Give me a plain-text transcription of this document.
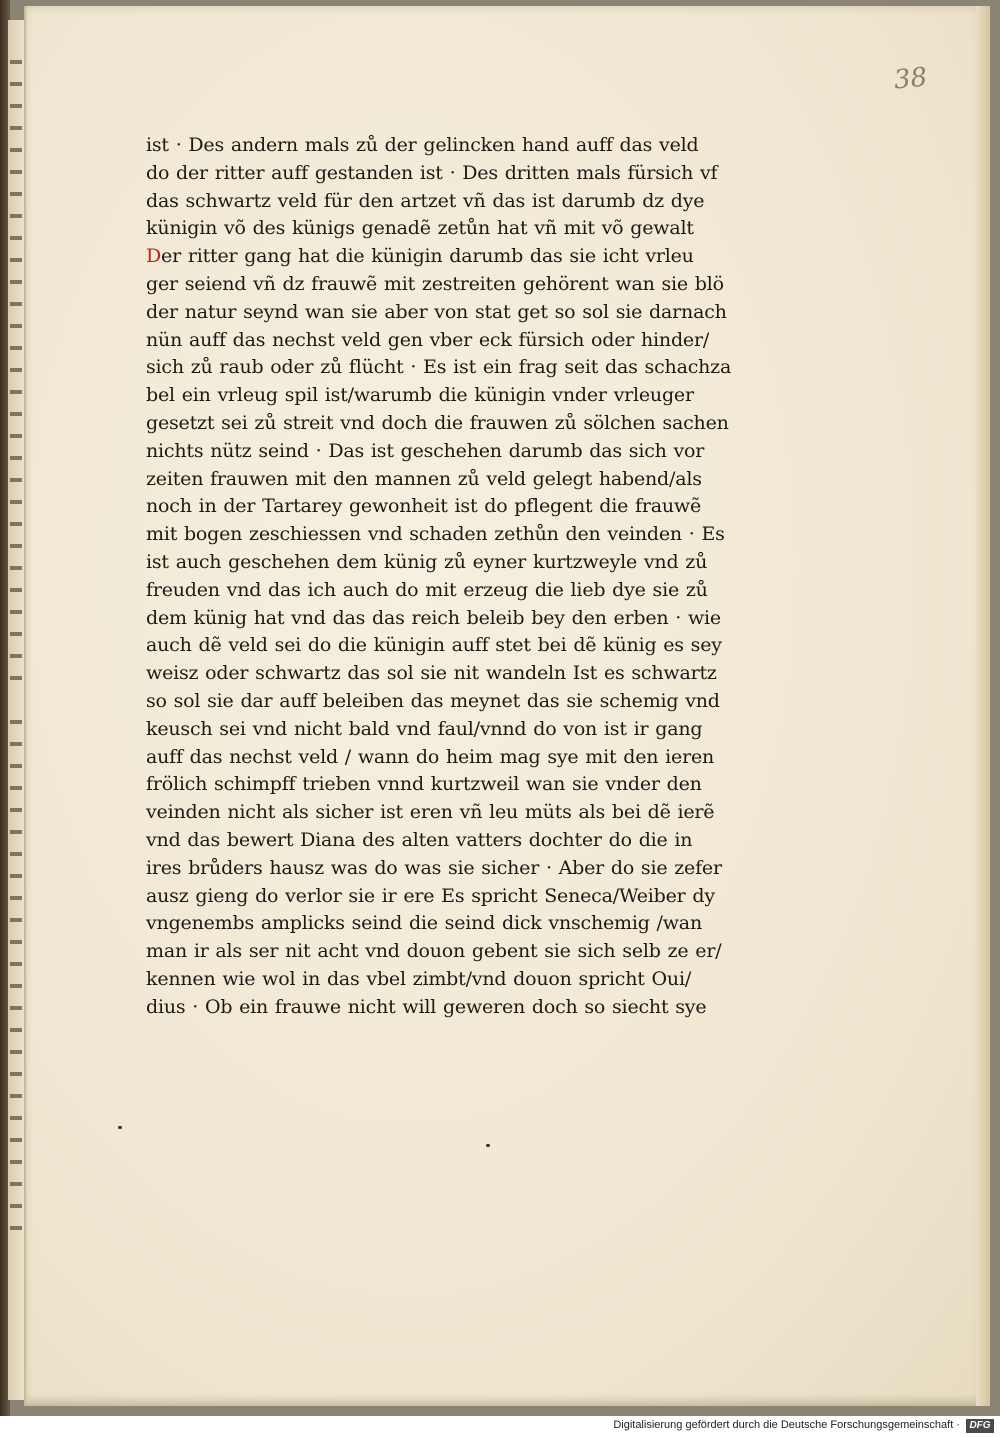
38
ist · Des andern mals zů der gelincken hand auff das veld
do der ritter auff gestanden ist · Des dritten mals fürsich vf
das schwartz veld für den artzet vñ das ist darumb dz dye
künigin võ des künigs genadẽ zetůn hat vñ mit võ gewalt
Der ritter gang hat die künigin darumb das sie icht vrleu
ger seiend vñ dz frauwẽ mit zestreiten gehörent wan sie blö
der natur seynd wan sie aber von stat get so sol sie darnach
nün auff das nechst veld gen vber eck fürsich oder hinder/
sich zů raub oder zů flücht · Es ist ein frag seit das schachza
bel ein vrleug spil ist/warumb die künigin vnder vrleuger
gesetzt sei zů streit vnd doch die frauwen zů sölchen sachen
nichts nütz seind · Das ist geschehen darumb das sich vor
zeiten frauwen mit den mannen zů veld gelegt habend/als
noch in der Tartarey gewonheit ist do pflegent die frauwẽ
mit bogen zeschiessen vnd schaden zethůn den veinden · Es
ist auch geschehen dem künig zů eyner kurtzweyle vnd zů
freuden vnd das ich auch do mit erzeug die lieb dye sie zů
dem künig hat vnd das das reich beleib bey den erben · wie
auch dẽ veld sei do die künigin auff stet bei dẽ künig es sey
weisz oder schwartz das sol sie nit wandeln Ist es schwartz
so sol sie dar auff beleiben das meynet das sie schemig vnd
keusch sei vnd nicht bald vnd faul/vnnd do von ist ir gang
auff das nechst veld / wann do heim mag sye mit den ieren
frölich schimpff trieben vnnd kurtzweil wan sie vnder den
veinden nicht als sicher ist eren vñ leu müts als bei dẽ ierẽ
vnd das bewert Diana des alten vatters dochter do die in
ires brůders hausz was do was sie sicher · Aber do sie zefer
ausz gieng do verlor sie ir ere Es spricht Seneca/Weiber dy
vngenembs amplicks seind die seind dick vnschemig /wan
man ir als ser nit acht vnd douon gebent sie sich selb ze er/
kennen wie wol in das vbel zimbt/vnd douon spricht Oui/
dius · Ob ein frauwe nicht will geweren doch so siecht sye
Digitalisierung gefördert durch die Deutsche Forschungsgemeinschaft · DFG
